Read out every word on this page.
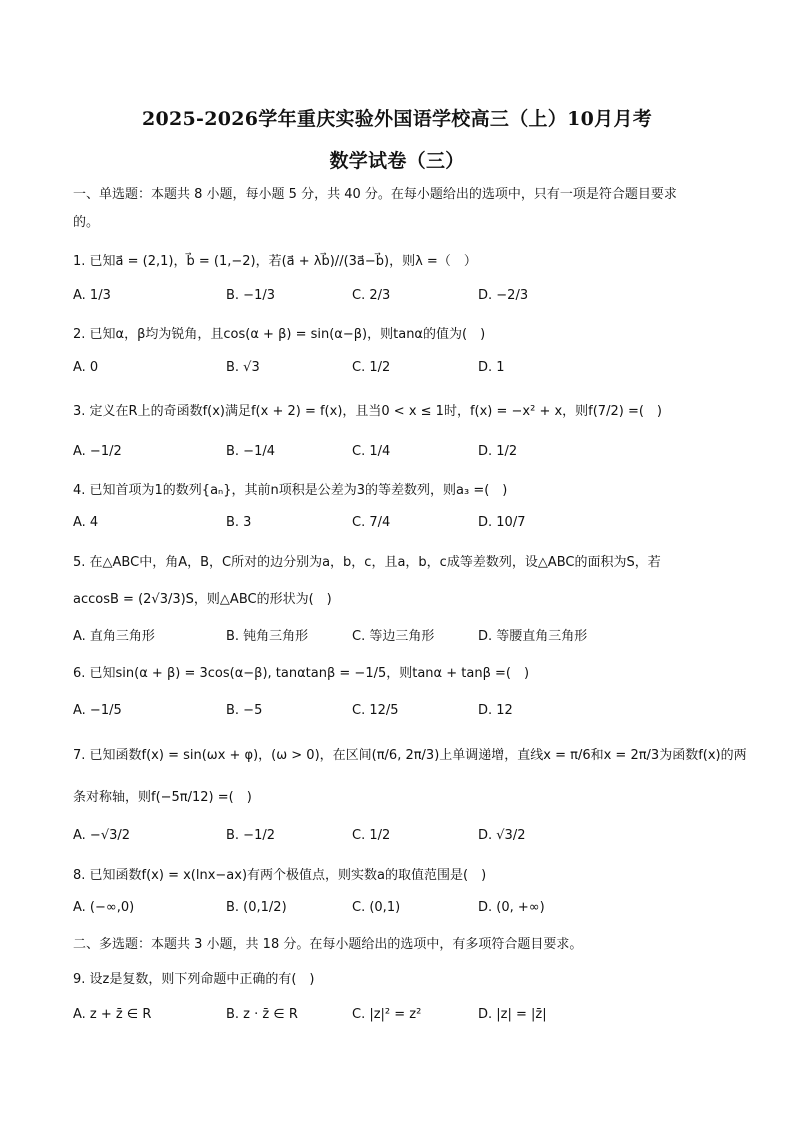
2025-2026学年重庆实验外国语学校高三（上）10月月考
数学试卷（三）
一、单选题：本题共 8 小题，每小题 5 分，共 40 分。在每小题给出的选项中，只有一项是符合题目要求
的。
1. 已知a⃗ = (2,1)，b⃗ = (1,−2)，若(a⃗ + λb⃗)//(3a⃗−b⃗)，则λ =（　）
A. 1/3	B. −1/3	C. 2/3	D. −2/3
2. 已知α，β均为锐角，且cos(α + β) = sin(α−β)，则tanα的值为(　)
A. 0	B. √3	C. 1/2	D. 1
3. 定义在R上的奇函数f(x)满足f(x + 2) = f(x)，且当0 < x ≤ 1时，f(x) = −x² + x，则f(7/2) =(　)
A. −1/2	B. −1/4	C. 1/4	D. 1/2
4. 已知首项为1的数列{aₙ}，其前n项积是公差为3的等差数列，则a₃ =(　)
A. 4	B. 3	C. 7/4	D. 10/7
5. 在△ABC中，角A，B，C所对的边分别为a，b，c，且a，b，c成等差数列，设△ABC的面积为S，若
accosB = (2√3/3)S，则△ABC的形状为(　)
A. 直角三角形	B. 钝角三角形	C. 等边三角形	D. 等腰直角三角形
6. 已知sin(α + β) = 3cos(α−β), tanαtanβ = −1/5，则tanα + tanβ =(　)
A. −1/5	B. −5	C. 12/5	D. 12
7. 已知函数f(x) = sin(ωx + φ)，(ω > 0)，在区间(π/6, 2π/3)上单调递增，直线x = π/6和x = 2π/3为函数f(x)的两
条对称轴，则f(−5π/12) =(　)
A. −√3/2	B. −1/2	C. 1/2	D. √3/2
8. 已知函数f(x) = x(lnx−ax)有两个极值点，则实数a的取值范围是(　)
A. (−∞,0)	B. (0,1/2)	C. (0,1)	D. (0, +∞)
二、多选题：本题共 3 小题，共 18 分。在每小题给出的选项中，有多项符合题目要求。
9. 设z是复数，则下列命题中正确的有(　)
A. z + z̄ ∈ R	B. z · z̄ ∈ R	C. |z|² = z²	D. |z| = |z̄|
